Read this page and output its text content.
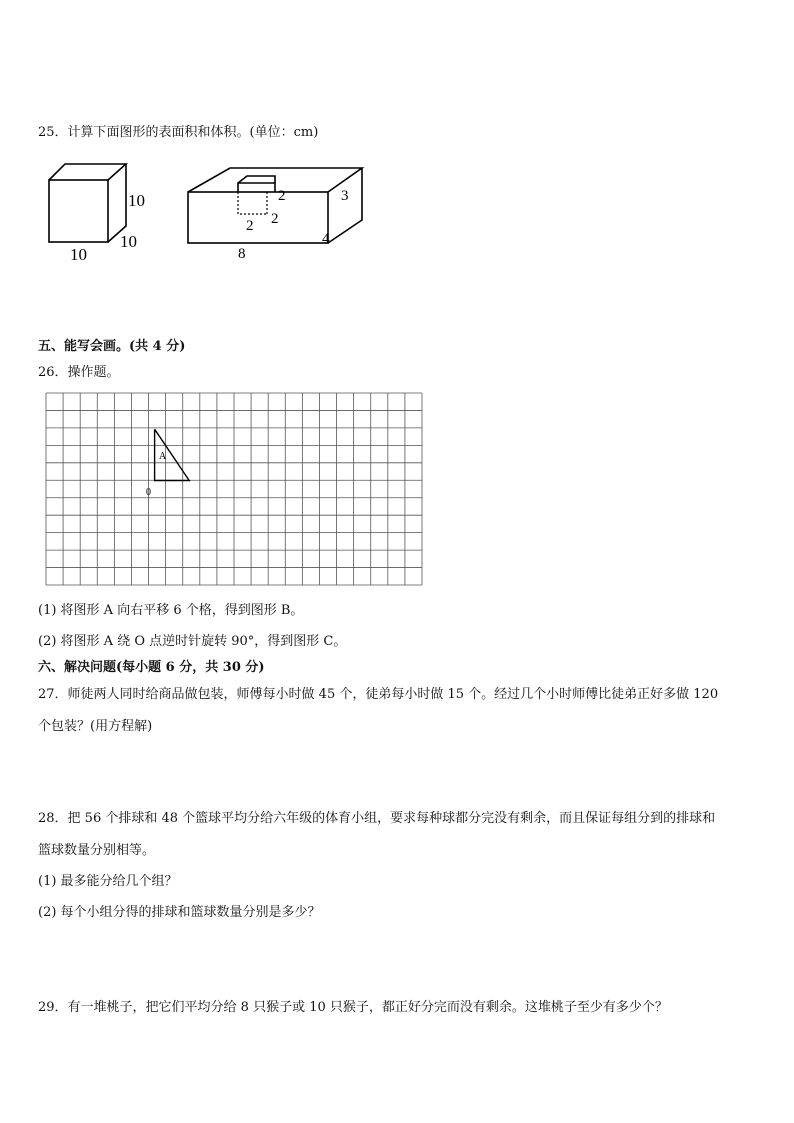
25．计算下面图形的表面积和体积。(单位：cm)
10
10
10
2
2
2
3
4
8
五、能写会画。(共 4 分)
26．操作题。
A
0
(1) 将图形 A 向右平移 6 个格，得到图形 B。
(2) 将图形 A 绕 O 点逆时针旋转 90°，得到图形 C。
六、解决问题(每小题 6 分，共 30 分)
27．师徒两人同时给商品做包装，师傅每小时做 45 个，徒弟每小时做 15 个。经过几个小时师傅比徒弟正好多做 120
个包装？(用方程解)
28．把 56 个排球和 48 个篮球平均分给六年级的体育小组，要求每种球都分完没有剩余，而且保证每组分到的排球和
篮球数量分别相等。
(1) 最多能分给几个组？
(2) 每个小组分得的排球和篮球数量分别是多少？
29．有一堆桃子，把它们平均分给 8 只猴子或 10 只猴子，都正好分完而没有剩余。这堆桃子至少有多少个？
